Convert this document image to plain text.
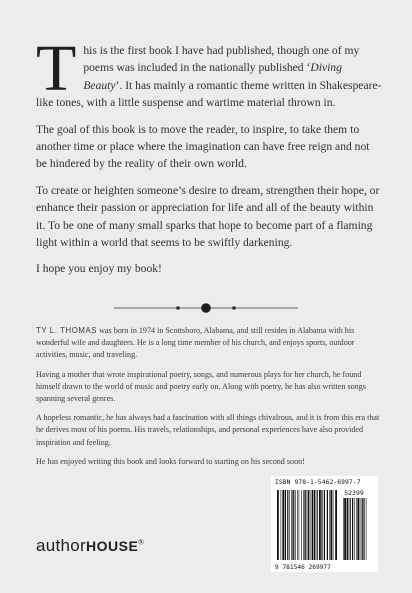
This is the first book I have had published, though one of my poems was included in the nationally published ‘Diving Beauty’. It has mainly a romantic theme written in Shakespeare-like tones, with a little suspense and wartime material thrown in.

The goal of this book is to move the reader, to inspire, to take them to another time or place where the imagination can have free reign and not be hindered by the reality of their own world.

To create or heighten someone’s desire to dream, strengthen their hope, or enhance their passion or appreciation for life and all of the beauty within it. To be one of many small sparks that hope to become part of a flaming light within a world that seems to be swiftly darkening.

I hope you enjoy my book!

TY L. THOMAS was born in 1974 in Scottsboro, Alabama, and still resides in Alabama with his wonderful wife and daughters. He is a long time member of his church, and enjoys sports, outdoor activities, music, and traveling.

Having a mother that wrote inspirational poetry, songs, and numerous plays for her church, he found himself drawn to the world of music and poetry early on. Along with poetry, he has also written songs spanning several genres.

A hopeless romantic, he has always had a fascination with all things chivalrous, and it is from this era that he derives most of his poems. His travels, relationships, and personal experiences have also provided inspiration and feeling.

He has enjoyed writing this book and looks forward to starting on his second soon!

authorHOUSE®
52399
9 781546 269977
ISBN 978-1-5462-6997-7
